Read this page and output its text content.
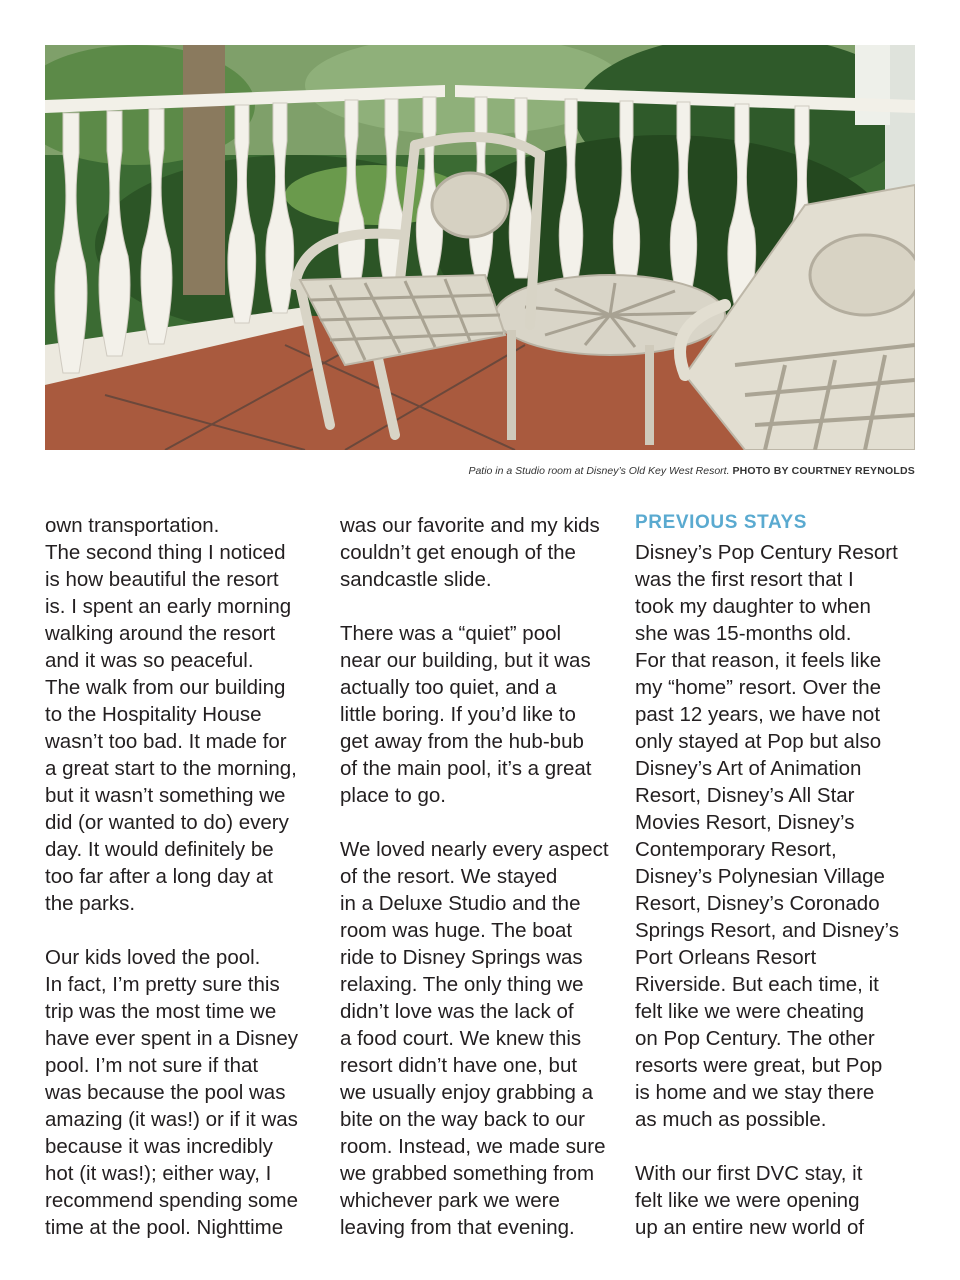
Patio in a Studio room at Disney’s Old Key West Resort. PHOTO BY COURTNEY REYNOLDS

own transportation.
The second thing I noticed
is how beautiful the resort
is. I spent an early morning
walking around the resort
and it was so peaceful.
The walk from our building
to the Hospitality House
wasn’t too bad. It made for
a great start to the morning,
but it wasn’t something we
did (or wanted to do) every
day. It would definitely be
too far after a long day at
the parks.

Our kids loved the pool.
In fact, I’m pretty sure this
trip was the most time we
have ever spent in a Disney
pool. I’m not sure if that
was because the pool was
amazing (it was!) or if it was
because it was incredibly
hot (it was!); either way, I
recommend spending some
time at the pool. Nighttime

was our favorite and my kids
couldn’t get enough of the
sandcastle slide.

There was a “quiet” pool
near our building, but it was
actually too quiet, and a
little boring. If you’d like to
get away from the hub-bub
of the main pool, it’s a great
place to go.

We loved nearly every aspect
of the resort. We stayed
in a Deluxe Studio and the
room was huge. The boat
ride to Disney Springs was
relaxing. The only thing we
didn’t love was the lack of
a food court. We knew this
resort didn’t have one, but
we usually enjoy grabbing a
bite on the way back to our
room. Instead, we made sure
we grabbed something from
whichever park we were
leaving from that evening.

PREVIOUS STAYS

Disney’s Pop Century Resort
was the first resort that I
took my daughter to when
she was 15-months old.
For that reason, it feels like
my “home” resort. Over the
past 12 years, we have not
only stayed at Pop but also
Disney’s Art of Animation
Resort, Disney’s All Star
Movies Resort, Disney’s
Contemporary Resort,
Disney’s Polynesian Village
Resort, Disney’s Coronado
Springs Resort, and Disney’s
Port Orleans Resort
Riverside. But each time, it
felt like we were cheating
on Pop Century. The other
resorts were great, but Pop
is home and we stay there
as much as possible.

With our first DVC stay, it
felt like we were opening
up an entire new world of
